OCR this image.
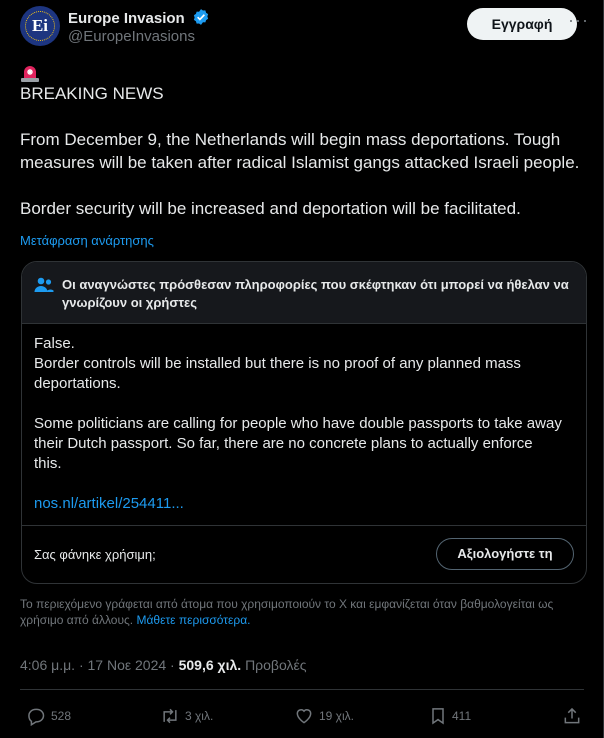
Ei	Europe Invasion
@EuropeInvasions
Εγγραφή ···

BREAKING NEWS

From December 9, the Netherlands will begin mass deportations. Tough measures will be taken after radical Islamist gangs attacked Israeli people.

Border security will be increased and deportation will be facilitated.

Μετάφραση ανάρτησης
Οι αναγνώστες πρόσθεσαν πληροφορίες που σκέφτηκαν ότι μπορεί να ήθελαν να γνωρίζουν οι χρήστες
False.
Border controls will be installed but there is no proof of any planned mass deportations.
Some politicians are calling for people who have double passports to take away their Dutch passport. So far, there are no concrete plans to actually enforce this.
nos.nl/artikel/254411...
Σας φάνηκε χρήσιμη;	Αξιολογήστε τη
Το περιεχόμενο γράφεται από άτομα που χρησιμοποιούν το X και εμφανίζεται όταν βαθμολογείται ως χρήσιμο από άλλους. Μάθετε περισσότερα.
4:06 μ.μ. · 17 Νοε 2024 · 509,6 χιλ. Προβολές
528	3 χιλ.	19 χιλ.	411
